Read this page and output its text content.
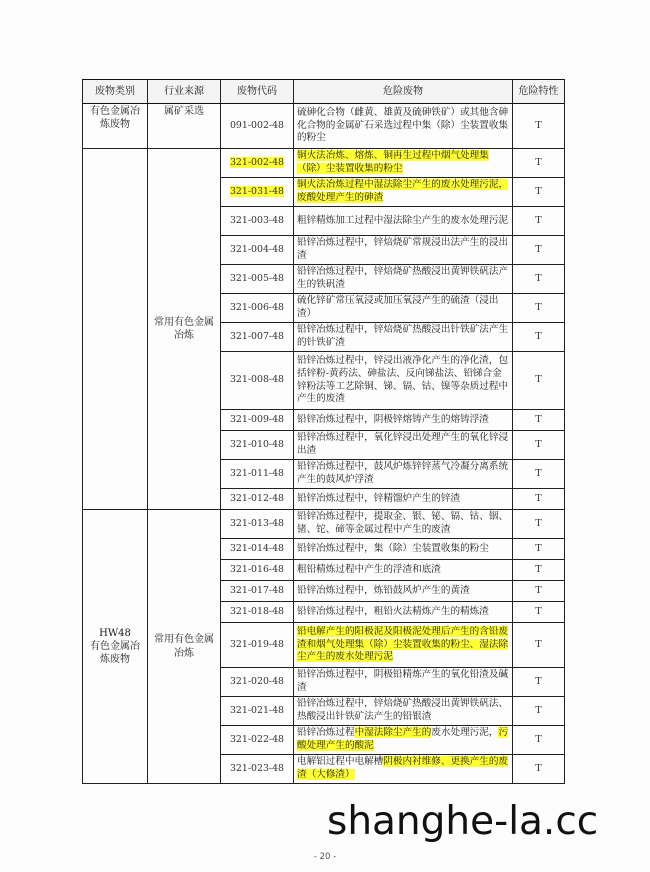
废物类别	行业来源	废物代码	危险废物	危险特性
有色金属冶炼废物	属矿采选	091-002-48	硫砷化合物（雌黄、雄黄及硫砷铁矿）或其他含砷化合物的金属矿石采选过程中集（除）尘装置收集的粉尘	T
	常用有色金属冶炼	321-002-48	铜火法冶炼、熔炼、铜再生过程中烟气处理集（除）尘装置收集的粉尘	T
		321-031-48	铜火法冶炼过程中湿法除尘产生的废水处理污泥，废酸处理产生的砷渣	T
		321-003-48	粗锌精炼加工过程中湿法除尘产生的废水处理污泥	T
		321-004-48	铅锌冶炼过程中，锌焙烧矿常规浸出法产生的浸出渣	T
		321-005-48	铅锌冶炼过程中，锌焙烧矿热酸浸出黄钾铁矾法产生的铁矾渣	T
		321-006-48	硫化锌矿常压氧浸或加压氧浸产生的硫渣（浸出渣）	T
		321-007-48	铅锌冶炼过程中，锌焙烧矿热酸浸出针铁矿法产生的针铁矿渣	T
		321-008-48	铅锌冶炼过程中，锌浸出液净化产生的净化渣，包括锌粉-黄药法、砷盐法、反向锑盐法、铅锑合金锌粉法等工艺除铜、锑、镉、钴、镍等杂质过程中产生的废渣	T
		321-009-48	铅锌冶炼过程中，阴极锌熔铸产生的熔铸浮渣	T
		321-010-48	铅锌冶炼过程中，氧化锌浸出处理产生的氧化锌浸出渣	T
		321-011-48	铅锌冶炼过程中，鼓风炉炼锌锌蒸气冷凝分离系统产生的鼓风炉浮渣	T
		321-012-48	铅锌冶炼过程中，锌精馏炉产生的锌渣	T

HW48
有色金属冶炼废物	常用有色金属冶炼	321-013-48	铅锌冶炼过程中，提取金、银、铋、镉、钴、铟、锗、铊、碲等金属过程中产生的废渣	T
		321-014-48	铅锌冶炼过程中，集（除）尘装置收集的粉尘	T
		321-016-48	粗铅精炼过程中产生的浮渣和底渣	T
		321-017-48	铅锌冶炼过程中，炼铅鼓风炉产生的黄渣	T
		321-018-48	铅锌冶炼过程中，粗铅火法精炼产生的精炼渣	T
		321-019-48	铅电解产生的阳极泥及阳极泥处理后产生的含铅废渣和烟气处理集（除）尘装置收集的粉尘、湿法除尘产生的废水处理污泥	T
		321-020-48	铅锌冶炼过程中，阴极铅精炼产生的氧化铅渣及碱渣	T
		321-021-48	铅锌冶炼过程中，锌焙烧矿热酸浸出黄钾铁矾法、热酸浸出针铁矿法产生的铅银渣	T
		321-022-48	铅锌冶炼过程中湿法除尘产生的废水处理污泥，污酸处理产生的酸泥	T
		321-023-48	电解铝过程中电解槽阴极内衬维修、更换产生的废渣（大修渣）	T
shanghe-la.cc
- 20 -
